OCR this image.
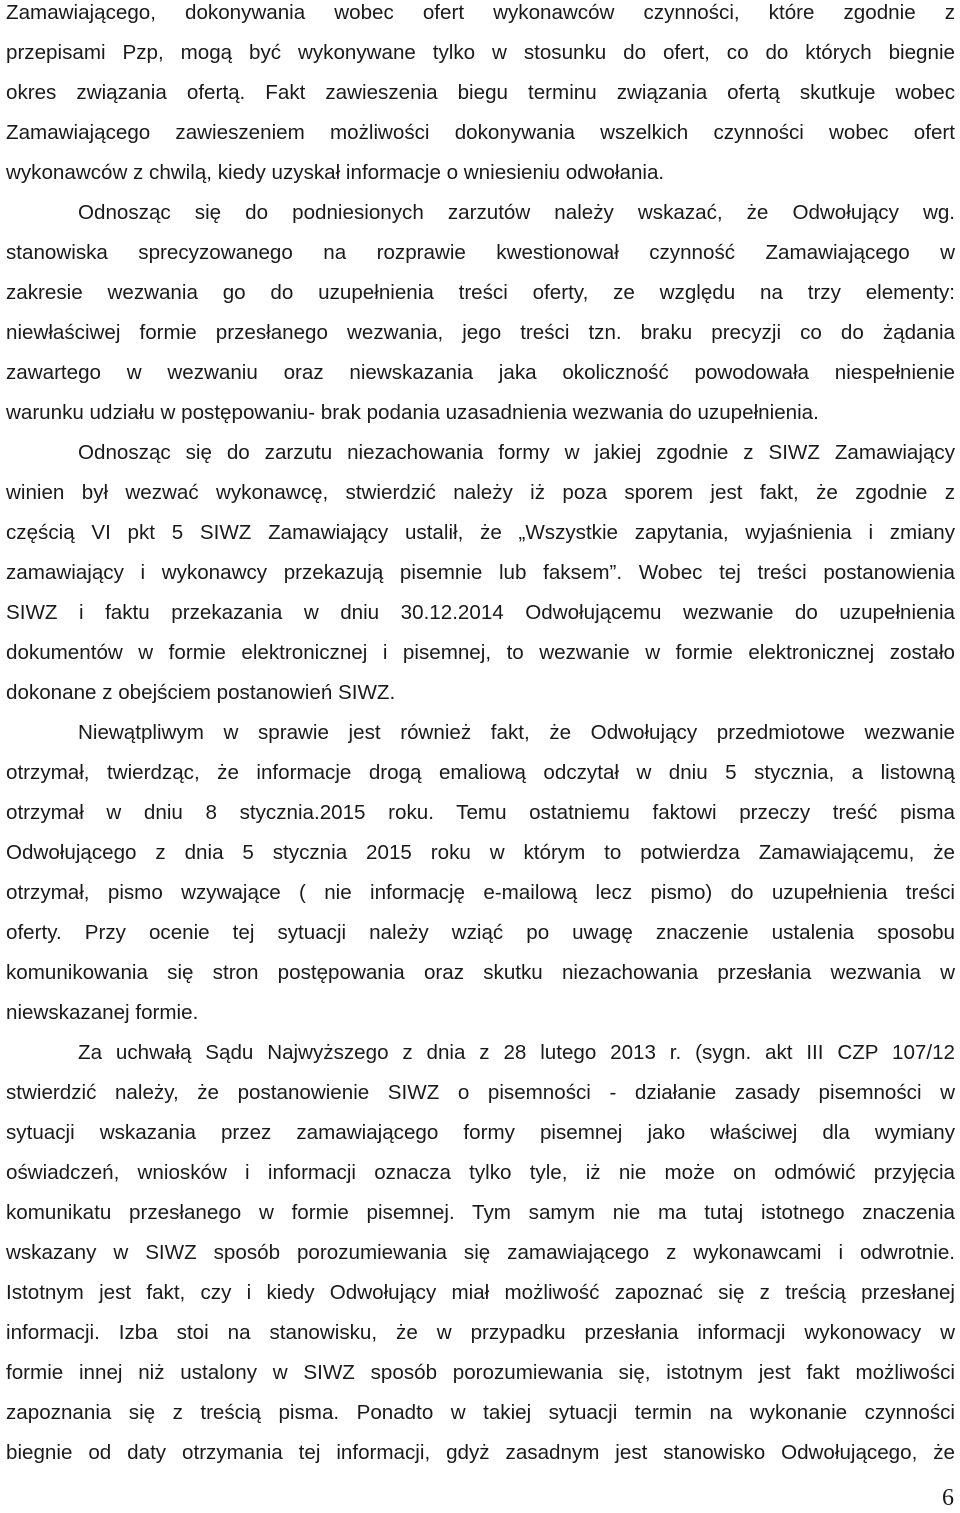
Zamawiającego, dokonywania wobec ofert wykonawców czynności, które zgodnie z
przepisami Pzp, mogą być wykonywane tylko w stosunku do ofert, co do których biegnie
okres związania ofertą. Fakt zawieszenia biegu terminu związania ofertą skutkuje wobec
Zamawiającego zawieszeniem możliwości dokonywania wszelkich czynności wobec ofert
wykonawców z chwilą, kiedy uzyskał informacje o wniesieniu odwołania.
Odnosząc się do podniesionych zarzutów należy wskazać, że Odwołujący wg.
stanowiska sprecyzowanego na rozprawie kwestionował czynność Zamawiającego w
zakresie wezwania go do uzupełnienia treści oferty, ze względu na trzy elementy:
niewłaściwej formie przesłanego wezwania, jego treści tzn. braku precyzji co do żądania
zawartego w wezwaniu oraz niewskazania jaka okoliczność powodowała niespełnienie
warunku udziału w postępowaniu- brak podania uzasadnienia wezwania do uzupełnienia.
Odnosząc się do zarzutu niezachowania formy w jakiej zgodnie z SIWZ Zamawiający
winien był wezwać wykonawcę, stwierdzić należy iż poza sporem jest fakt, że zgodnie z
częścią VI pkt 5 SIWZ Zamawiający ustalił, że „Wszystkie zapytania, wyjaśnienia i zmiany
zamawiający i wykonawcy przekazują pisemnie lub faksem”. Wobec tej treści postanowienia
SIWZ i faktu przekazania w dniu 30.12.2014 Odwołującemu wezwanie do uzupełnienia
dokumentów w formie elektronicznej i pisemnej, to wezwanie w formie elektronicznej zostało
dokonane z obejściem postanowień SIWZ.
Niewątpliwym w sprawie jest również fakt, że Odwołujący przedmiotowe wezwanie
otrzymał, twierdząc, że informacje drogą emaliową odczytał w dniu 5 stycznia, a listowną
otrzymał w dniu 8 stycznia.2015 roku. Temu ostatniemu faktowi przeczy treść pisma
Odwołującego z dnia 5 stycznia 2015 roku w którym to potwierdza Zamawiającemu, że
otrzymał, pismo wzywające ( nie informację e-mailową lecz pismo) do uzupełnienia treści
oferty. Przy ocenie tej sytuacji należy wziąć po uwagę znaczenie ustalenia sposobu
komunikowania się stron postępowania oraz skutku niezachowania przesłania wezwania w
niewskazanej formie.
Za uchwałą Sądu Najwyższego z dnia z 28 lutego 2013 r. (sygn. akt III CZP 107/12
stwierdzić należy, że postanowienie SIWZ o pisemności - działanie zasady pisemności w
sytuacji wskazania przez zamawiającego formy pisemnej jako właściwej dla wymiany
oświadczeń, wniosków i informacji oznacza tylko tyle, iż nie może on odmówić przyjęcia
komunikatu przesłanego w formie pisemnej. Tym samym nie ma tutaj istotnego znaczenia
wskazany w SIWZ sposób porozumiewania się zamawiającego z wykonawcami i odwrotnie.
Istotnym jest fakt, czy i kiedy Odwołujący miał możliwość zapoznać się z treścią przesłanej
informacji. Izba stoi na stanowisku, że w przypadku przesłania informacji wykonowacy w
formie innej niż ustalony w SIWZ sposób porozumiewania się, istotnym jest fakt możliwości
zapoznania się z treścią pisma. Ponadto w takiej sytuacji termin na wykonanie czynności
biegnie od daty otrzymania tej informacji, gdyż zasadnym jest stanowisko Odwołującego, że
6
